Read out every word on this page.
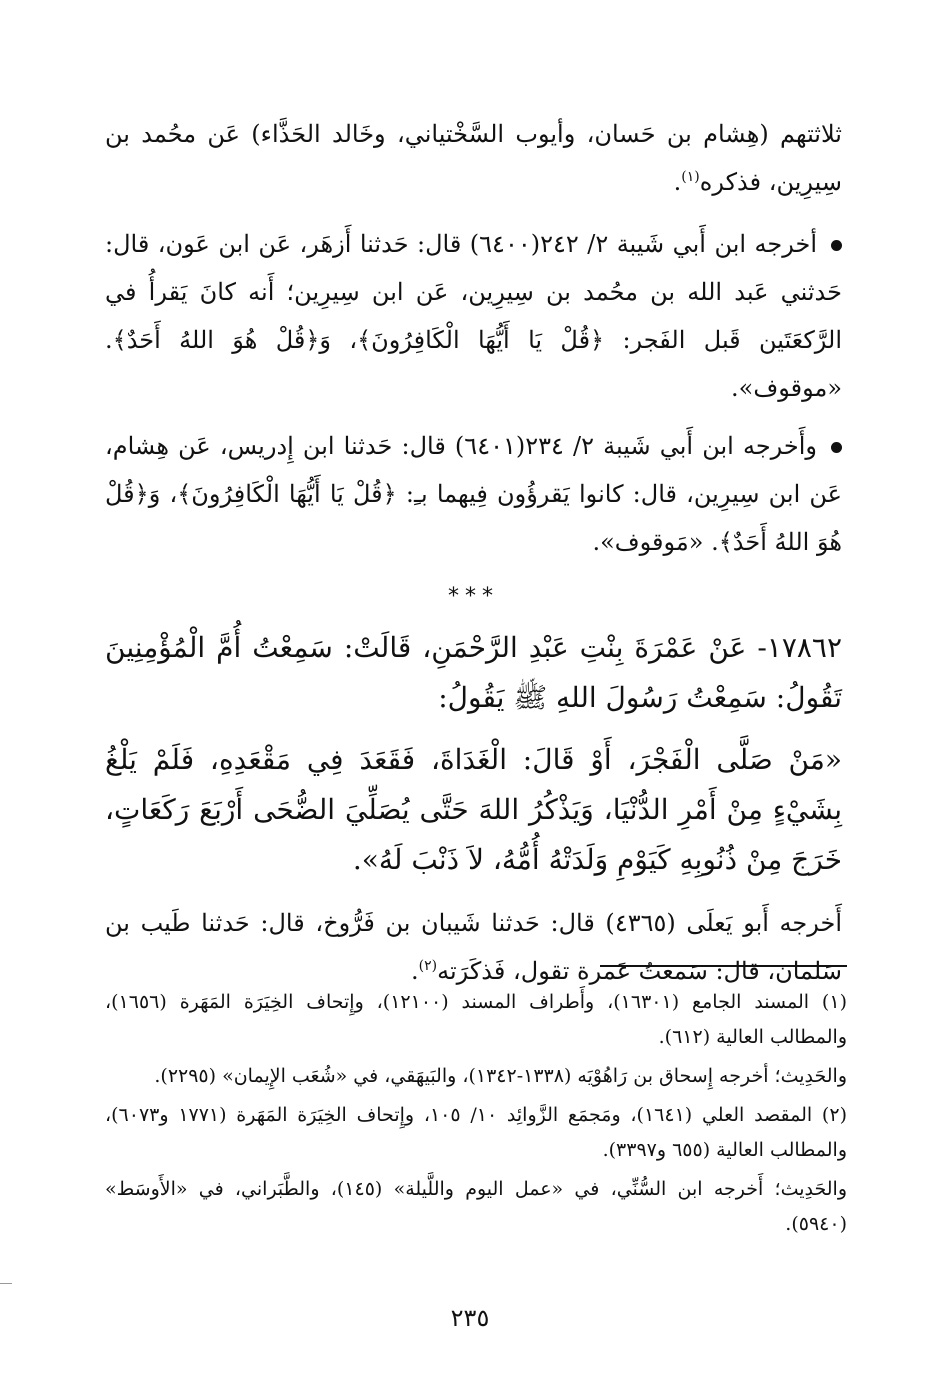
ثلاثتهم (هِشام بن حَسان، وأيوب السَّخْتياني، وخَالد الحَذَّاء) عَن محُمد بن سِيرِين، فذكره$^{(١)}$.

أخرجه ابن أَبي شَيبة ٢/ ٢٤٢(٦٤٠٠) قال: حَدثنا أَزهَر، عَن ابن عَون، قال: حَدثني عَبد الله بن محُمد بن سِيرِين، عَن ابن سِيرِين؛ أَنه كانَ يَقرأُ في الرَّكعَتَين قَبل الفَجر: ﴿قُلْ يَا أَيُّهَا الْكَافِرُونَ﴾، وَ﴿قُلْ هُوَ اللهُ أَحَدٌ﴾. «موقوف».

وأَخرجه ابن أَبي شَيبة ٢/ ٢٣٤(٦٤٠١) قال: حَدثنا ابن إِدريس، عَن هِشام، عَن ابن سِيرِين، قال: كانوا يَقرؤُون فِيهما بـِ: ﴿قُلْ يَا أَيُّهَا الْكَافِرُونَ﴾، وَ﴿قُلْ هُوَ اللهُ أَحَدٌ﴾. «مَوقوف».

***

١٧٨٦٢- عَنْ عَمْرَةَ بِنْتِ عَبْدِ الرَّحْمَنِ، قَالَتْ: سَمِعْتُ أُمَّ الْمُؤْمِنِينَ تَقُولُ: سَمِعْتُ رَسُولَ اللهِ ﷺ يَقُولُ:

«مَنْ صَلَّى الْفَجْرَ، أَوْ قَالَ: الْغَدَاةَ، فَقَعَدَ فِي مَقْعَدِهِ، فَلَمْ يَلْغُ بِشَيْءٍ مِنْ أَمْرِ الدُّنْيَا، وَيَذْكُرُ اللهَ حَتَّى يُصَلِّيَ الضُّحَى أَرْبَعَ رَكَعَاتٍ، خَرَجَ مِنْ ذُنُوبِهِ كَيَوْمِ وَلَدَتْهُ أُمُّهُ، لاَ ذَنْبَ لَهُ».

أَخرجه أَبو يَعلَى (٤٣٦٥) قال: حَدثنا شَيبان بن فَرُّوخ، قال: حَدثنا طَيب بن سَلمان، قال: سَمعتُ عَمرة تقول، فَذكَرَته$^{(٢)}$.

(١) المسند الجامع (١٦٣٠١)، وأَطراف المسند (١٢١٠٠)، وإِتحاف الخِيَرَة المَهَرة (١٦٥٦)، والمطالب العالية (٦١٢).

والحَدِيث؛ أخرجه إِسحاق بن رَاهُوْيَه (١٣٣٨-١٣٤٢)، والبَيهَقي، في «شُعَب الإِيمان» (٢٢٩٥).

(٢) المقصد العلي (١٦٤١)، ومَجمَع الزَّوائِد ١٠/ ١٠٥، وإِتحاف الخِيَرَة المَهَرة (١٧٧١ و٦٠٧٣)، والمطالب العالية (٦٥٥ و٣٣٩٧).

والحَدِيث؛ أَخرجه ابن السُّنِّي، في «عمل اليوم واللَّيلة» (١٤٥)، والطَّبَراني، في «الأَوسَط» (٥٩٤٠).

٢٣٥
